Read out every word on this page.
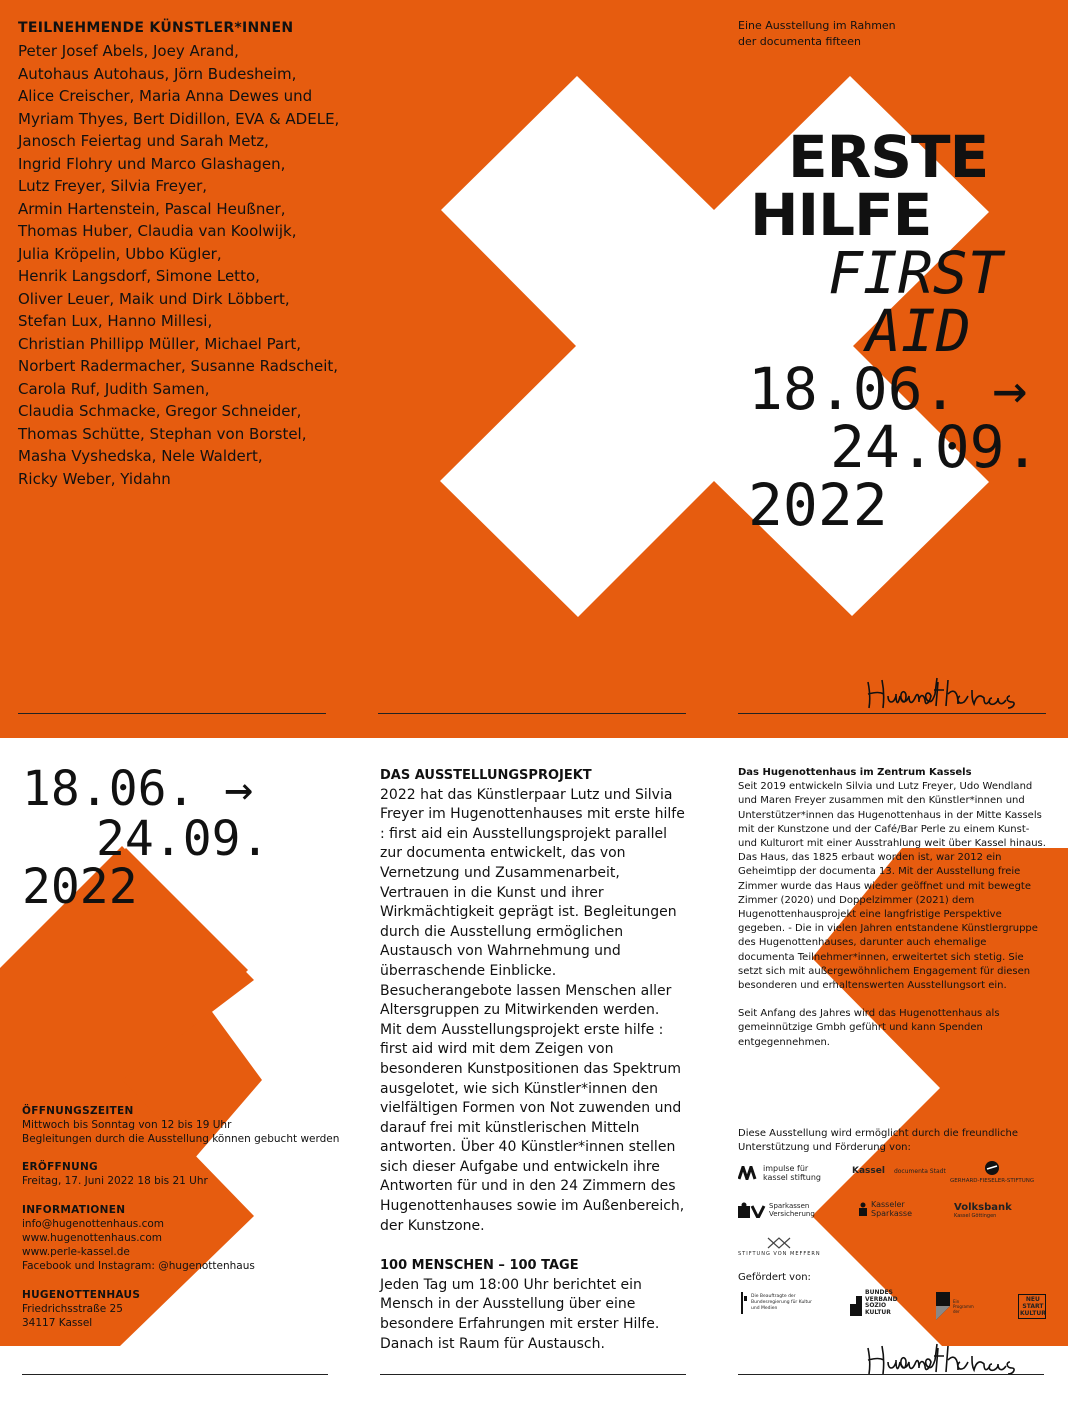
TEILNEHMENDE KÜNSTLER*INNEN
Peter Josef Abels, Joey Arand,
Autohaus Autohaus, Jörn Budesheim,
Alice Creischer, Maria Anna Dewes und
Myriam Thyes, Bert Didillon, EVA & ADELE,
Janosch Feiertag und Sarah Metz,
Ingrid Flohry und Marco Glashagen,
Lutz Freyer, Silvia Freyer,
Armin Hartenstein, Pascal Heußner,
Thomas Huber, Claudia van Koolwijk,
Julia Kröpelin, Ubbo Kügler,
Henrik Langsdorf, Simone Letto,
Oliver Leuer, Maik und Dirk Löbbert,
Stefan Lux, Hanno Millesi,
Christian Phillipp Müller, Michael Part,
Norbert Radermacher, Susanne Radscheit,
Carola Ruf, Judith Samen,
Claudia Schmacke, Gregor Schneider,
Thomas Schütte, Stephan von Borstel,
Masha Vyshedska, Nele Waldert,
Ricky Weber, Yidahn
Eine Ausstellung im Rahmen
der documenta fifteen
ERSTE
HILFE
FIRST
AID
18.06. →
24.09.
2022
18.06. →
24.09.
2022
ÖFFNUNGSZEITEN
Mittwoch bis Sonntag von 12 bis 19 Uhr
Begleitungen durch die Ausstellung können gebucht werden
ERÖFFNUNG
Freitag, 17. Juni 2022 18 bis 21 Uhr
INFORMATIONEN
info@hugenottenhaus.com
www.hugenottenhaus.com
www.perle-kassel.de
Facebook und Instagram: @hugenottenhaus
HUGENOTTENHAUS
Friedrichsstraße 25
34117 Kassel
DAS AUSSTELLUNGSPROJEKT
2022 hat das Künstlerpaar Lutz und Silvia Freyer im Hugenottenhauses mit erste hilfe : first aid ein Ausstellungsprojekt parallel zur documenta entwickelt, das von Vernetzung und Zusammenarbeit, Vertrauen in die Kunst und ihrer Wirkmächtigkeit geprägt ist. Begleitungen durch die Ausstellung ermöglichen Austausch von Wahrnehmung und überraschende Einblicke. Besucherangebote lassen Menschen aller Altersgruppen zu Mitwirkenden werden.
Mit dem Ausstellungsprojekt erste hilfe : first aid wird mit dem Zeigen von besonderen Kunstpositionen das Spektrum ausgelotet, wie sich Künstler*innen den vielfältigen Formen von Not zuwenden und darauf frei mit künstlerischen Mitteln antworten. Über 40 Künstler*innen stellen sich dieser Aufgabe und entwickeln ihre Antworten für und in den 24 Zimmern des Hugenottenhauses sowie im Außenbereich, der Kunstzone.
100 MENSCHEN – 100 TAGE
Jeden Tag um 18:00 Uhr berichtet ein Mensch in der Ausstellung über eine besondere Erfahrungen mit erster Hilfe. Danach ist Raum für Austausch.
Das Hugenottenhaus im Zentrum Kassels
Seit 2019 entwickeln Silvia und Lutz Freyer, Udo Wendland und Maren Freyer zusammen mit den Künstler*innen und Unterstützer*innen das Hugenottenhaus in der Mitte Kassels mit der Kunstzone und der Café/Bar Perle zu einem Kunst- und Kulturort mit einer Ausstrahlung weit über Kassel hinaus. Das Haus, das 1825 erbaut worden ist, war 2012 ein Geheimtipp der documenta 13. Mit der Ausstellung freie Zimmer wurde das Haus wieder geöffnet und mit bewegte Zimmer (2020) und Doppelzimmer (2021) dem Hugenottenhausprojekt eine langfristige Perspektive gegeben. - Die in vielen Jahren entstandene Künstlergruppe des Hugenottenhauses, darunter auch ehemalige documenta Teilnehmer*innen, erweitertet sich stetig. Sie setzt sich mit außergewöhnlichem Engagement für diesen besonderen und erhaltenswerten Ausstellungsort ein.
Seit Anfang des Jahres wird das Hugenottenhaus als gemeinnützige Gmbh geführt und kann Spenden entgegennehmen.
Diese Ausstellung wird ermöglicht durch die freundliche Unterstützung und Förderung von:
impulse für kassel stiftung
Kassel documenta Stadt
GERHARD-FIESELER-STIFTUNG
Sparkassen Versicherung
Kasseler Sparkasse
Volksbank
Kassel Göttingen
STIFTUNG VON MEFFERN
Gefördert von:
Die Beauftragte der Bundesregierung für Kultur und Medien
BUNDES VERBAND SOZIO KULTUR
Ein Programm der
NEU START KULTUR
